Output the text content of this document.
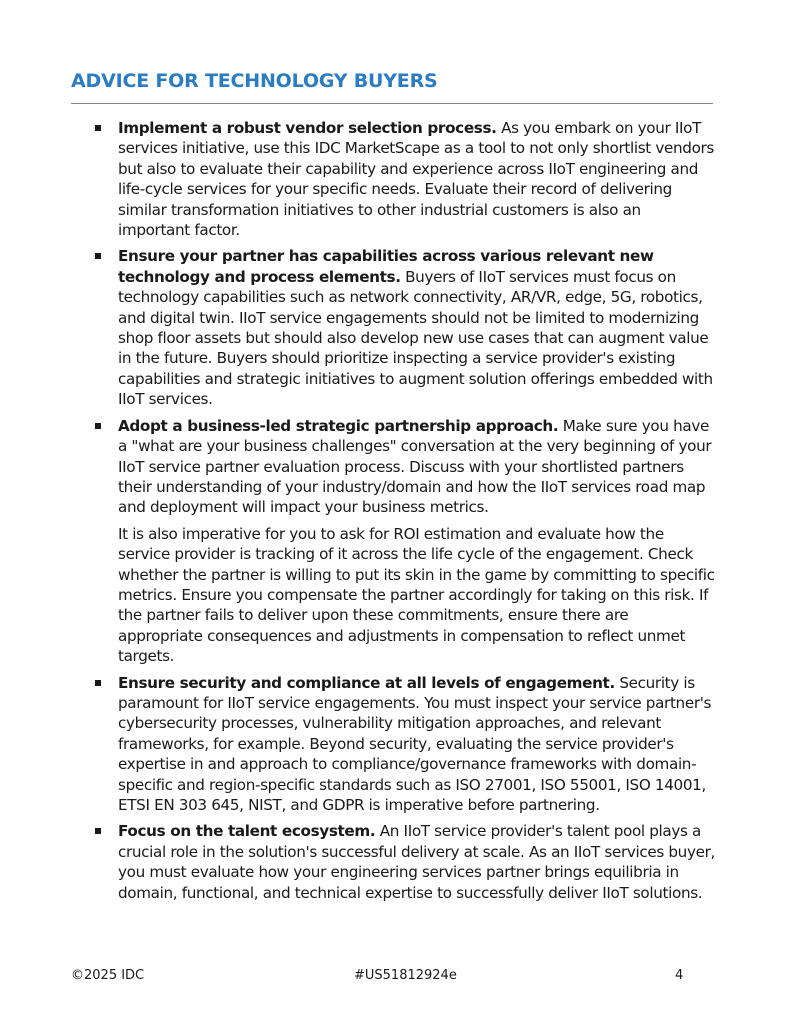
ADVICE FOR TECHNOLOGY BUYERS

Implement a robust vendor selection process. As you embark on your IIoT services initiative, use this IDC MarketScape as a tool to not only shortlist vendors but also to evaluate their capability and experience across IIoT engineering and life-cycle services for your specific needs. Evaluate their record of delivering similar transformation initiatives to other industrial customers is also an important factor.

Ensure your partner has capabilities across various relevant new technology and process elements. Buyers of IIoT services must focus on technology capabilities such as network connectivity, AR/VR, edge, 5G, robotics, and digital twin. IIoT service engagements should not be limited to modernizing shop floor assets but should also develop new use cases that can augment value in the future. Buyers should prioritize inspecting a service provider's existing capabilities and strategic initiatives to augment solution offerings embedded with IIoT services.

Adopt a business-led strategic partnership approach. Make sure you have a "what are your business challenges" conversation at the very beginning of your IIoT service partner evaluation process. Discuss with your shortlisted partners their understanding of your industry/domain and how the IIoT services road map and deployment will impact your business metrics.

It is also imperative for you to ask for ROI estimation and evaluate how the service provider is tracking of it across the life cycle of the engagement. Check whether the partner is willing to put its skin in the game by committing to specific metrics. Ensure you compensate the partner accordingly for taking on this risk. If the partner fails to deliver upon these commitments, ensure there are appropriate consequences and adjustments in compensation to reflect unmet targets.

Ensure security and compliance at all levels of engagement. Security is paramount for IIoT service engagements. You must inspect your service partner's cybersecurity processes, vulnerability mitigation approaches, and relevant frameworks, for example. Beyond security, evaluating the service provider's expertise in and approach to compliance/governance frameworks with domain-specific and region-specific standards such as ISO 27001, ISO 55001, ISO 14001, ETSI EN 303 645, NIST, and GDPR is imperative before partnering.

Focus on the talent ecosystem. An IIoT service provider's talent pool plays a crucial role in the solution's successful delivery at scale. As an IIoT services buyer, you must evaluate how your engineering services partner brings equilibria in domain, functional, and technical expertise to successfully deliver IIoT solutions.

©2025 IDC	#US51812924e	4
